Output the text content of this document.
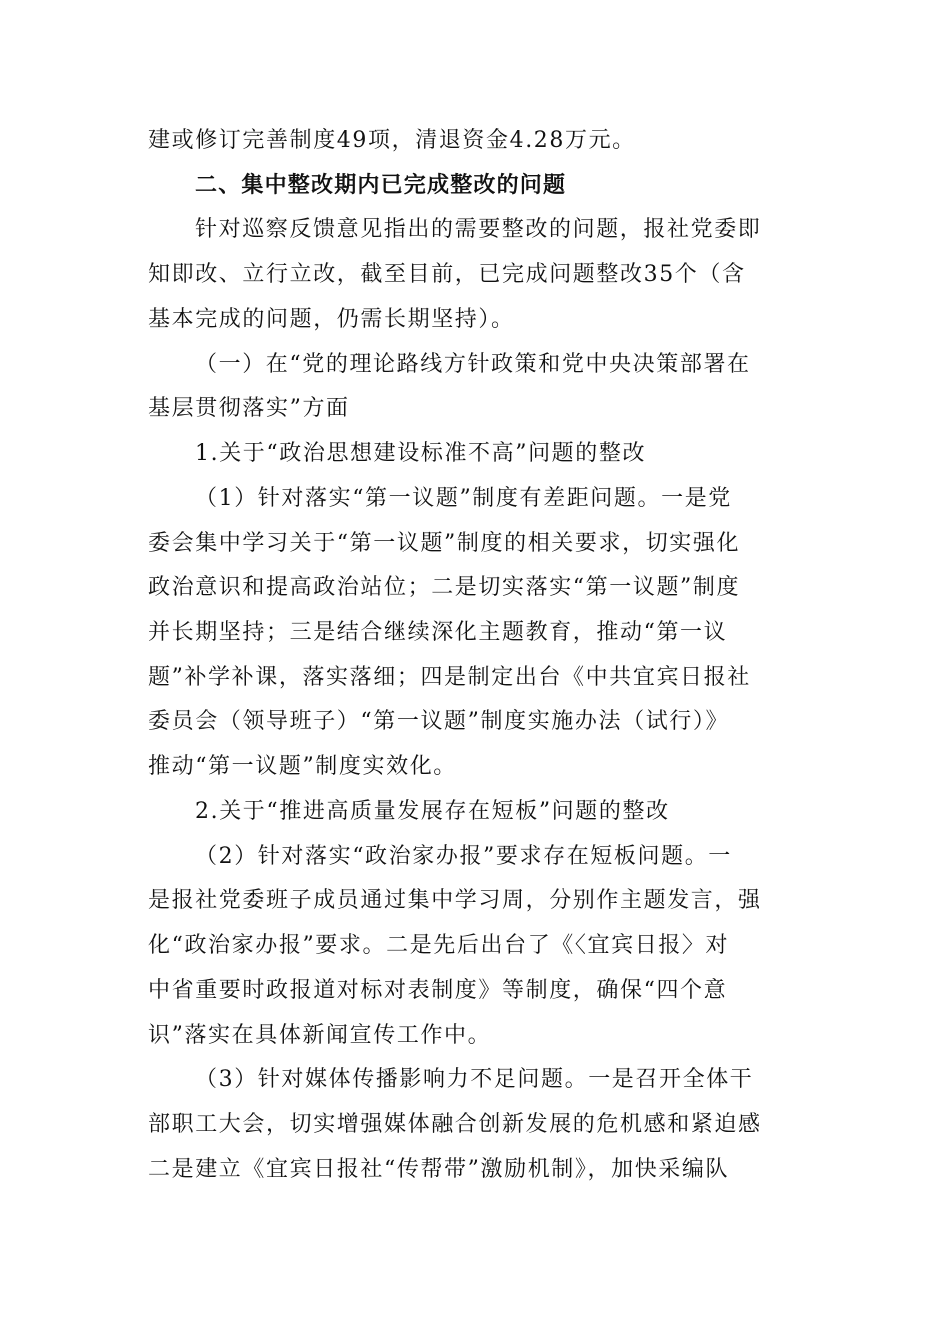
建或修订完善制度49项，清退资金4.28万元。
二、集中整改期内已完成整改的问题
针对巡察反馈意见指出的需要整改的问题，报社党委即
知即改、立行立改，截至目前，已完成问题整改35个（含
基本完成的问题，仍需长期坚持）。
（一）在“党的理论路线方针政策和党中央决策部署在
基层贯彻落实”方面
1.关于“政治思想建设标准不高”问题的整改
（1）针对落实“第一议题”制度有差距问题。一是党
委会集中学习关于“第一议题”制度的相关要求，切实强化
政治意识和提高政治站位；二是切实落实“第一议题”制度
并长期坚持；三是结合继续深化主题教育，推动“第一议
题”补学补课，落实落细；四是制定出台《中共宜宾日报社
委员会（领导班子）“第一议题”制度实施办法（试行）》
推动“第一议题”制度实效化。
2.关于“推进高质量发展存在短板”问题的整改
（2）针对落实“政治家办报”要求存在短板问题。一
是报社党委班子成员通过集中学习周，分别作主题发言，强
化“政治家办报”要求。二是先后出台了《〈宜宾日报〉对
中省重要时政报道对标对表制度》等制度，确保“四个意
识”落实在具体新闻宣传工作中。
（3）针对媒体传播影响力不足问题。一是召开全体干
部职工大会，切实增强媒体融合创新发展的危机感和紧迫感
二是建立《宜宾日报社“传帮带”激励机制》，加快采编队
